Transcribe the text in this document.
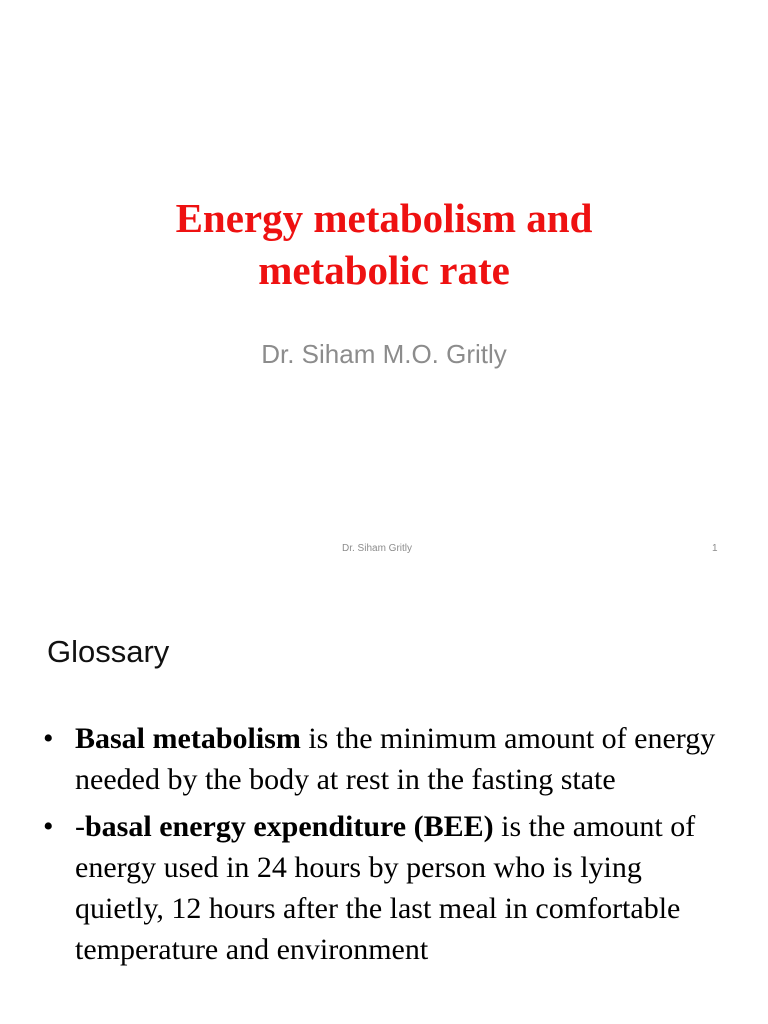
Energy metabolism and
metabolic rate
Dr. Siham M.O. Gritly
Dr. Siham Gritly	1
Glossary
• Basal metabolism is the minimum amount of energy needed by the body at rest in the fasting state
• -basal energy expenditure (BEE) is the amount of energy used in 24 hours by person who is lying quietly, 12 hours after the last meal in comfortable temperature and environment
